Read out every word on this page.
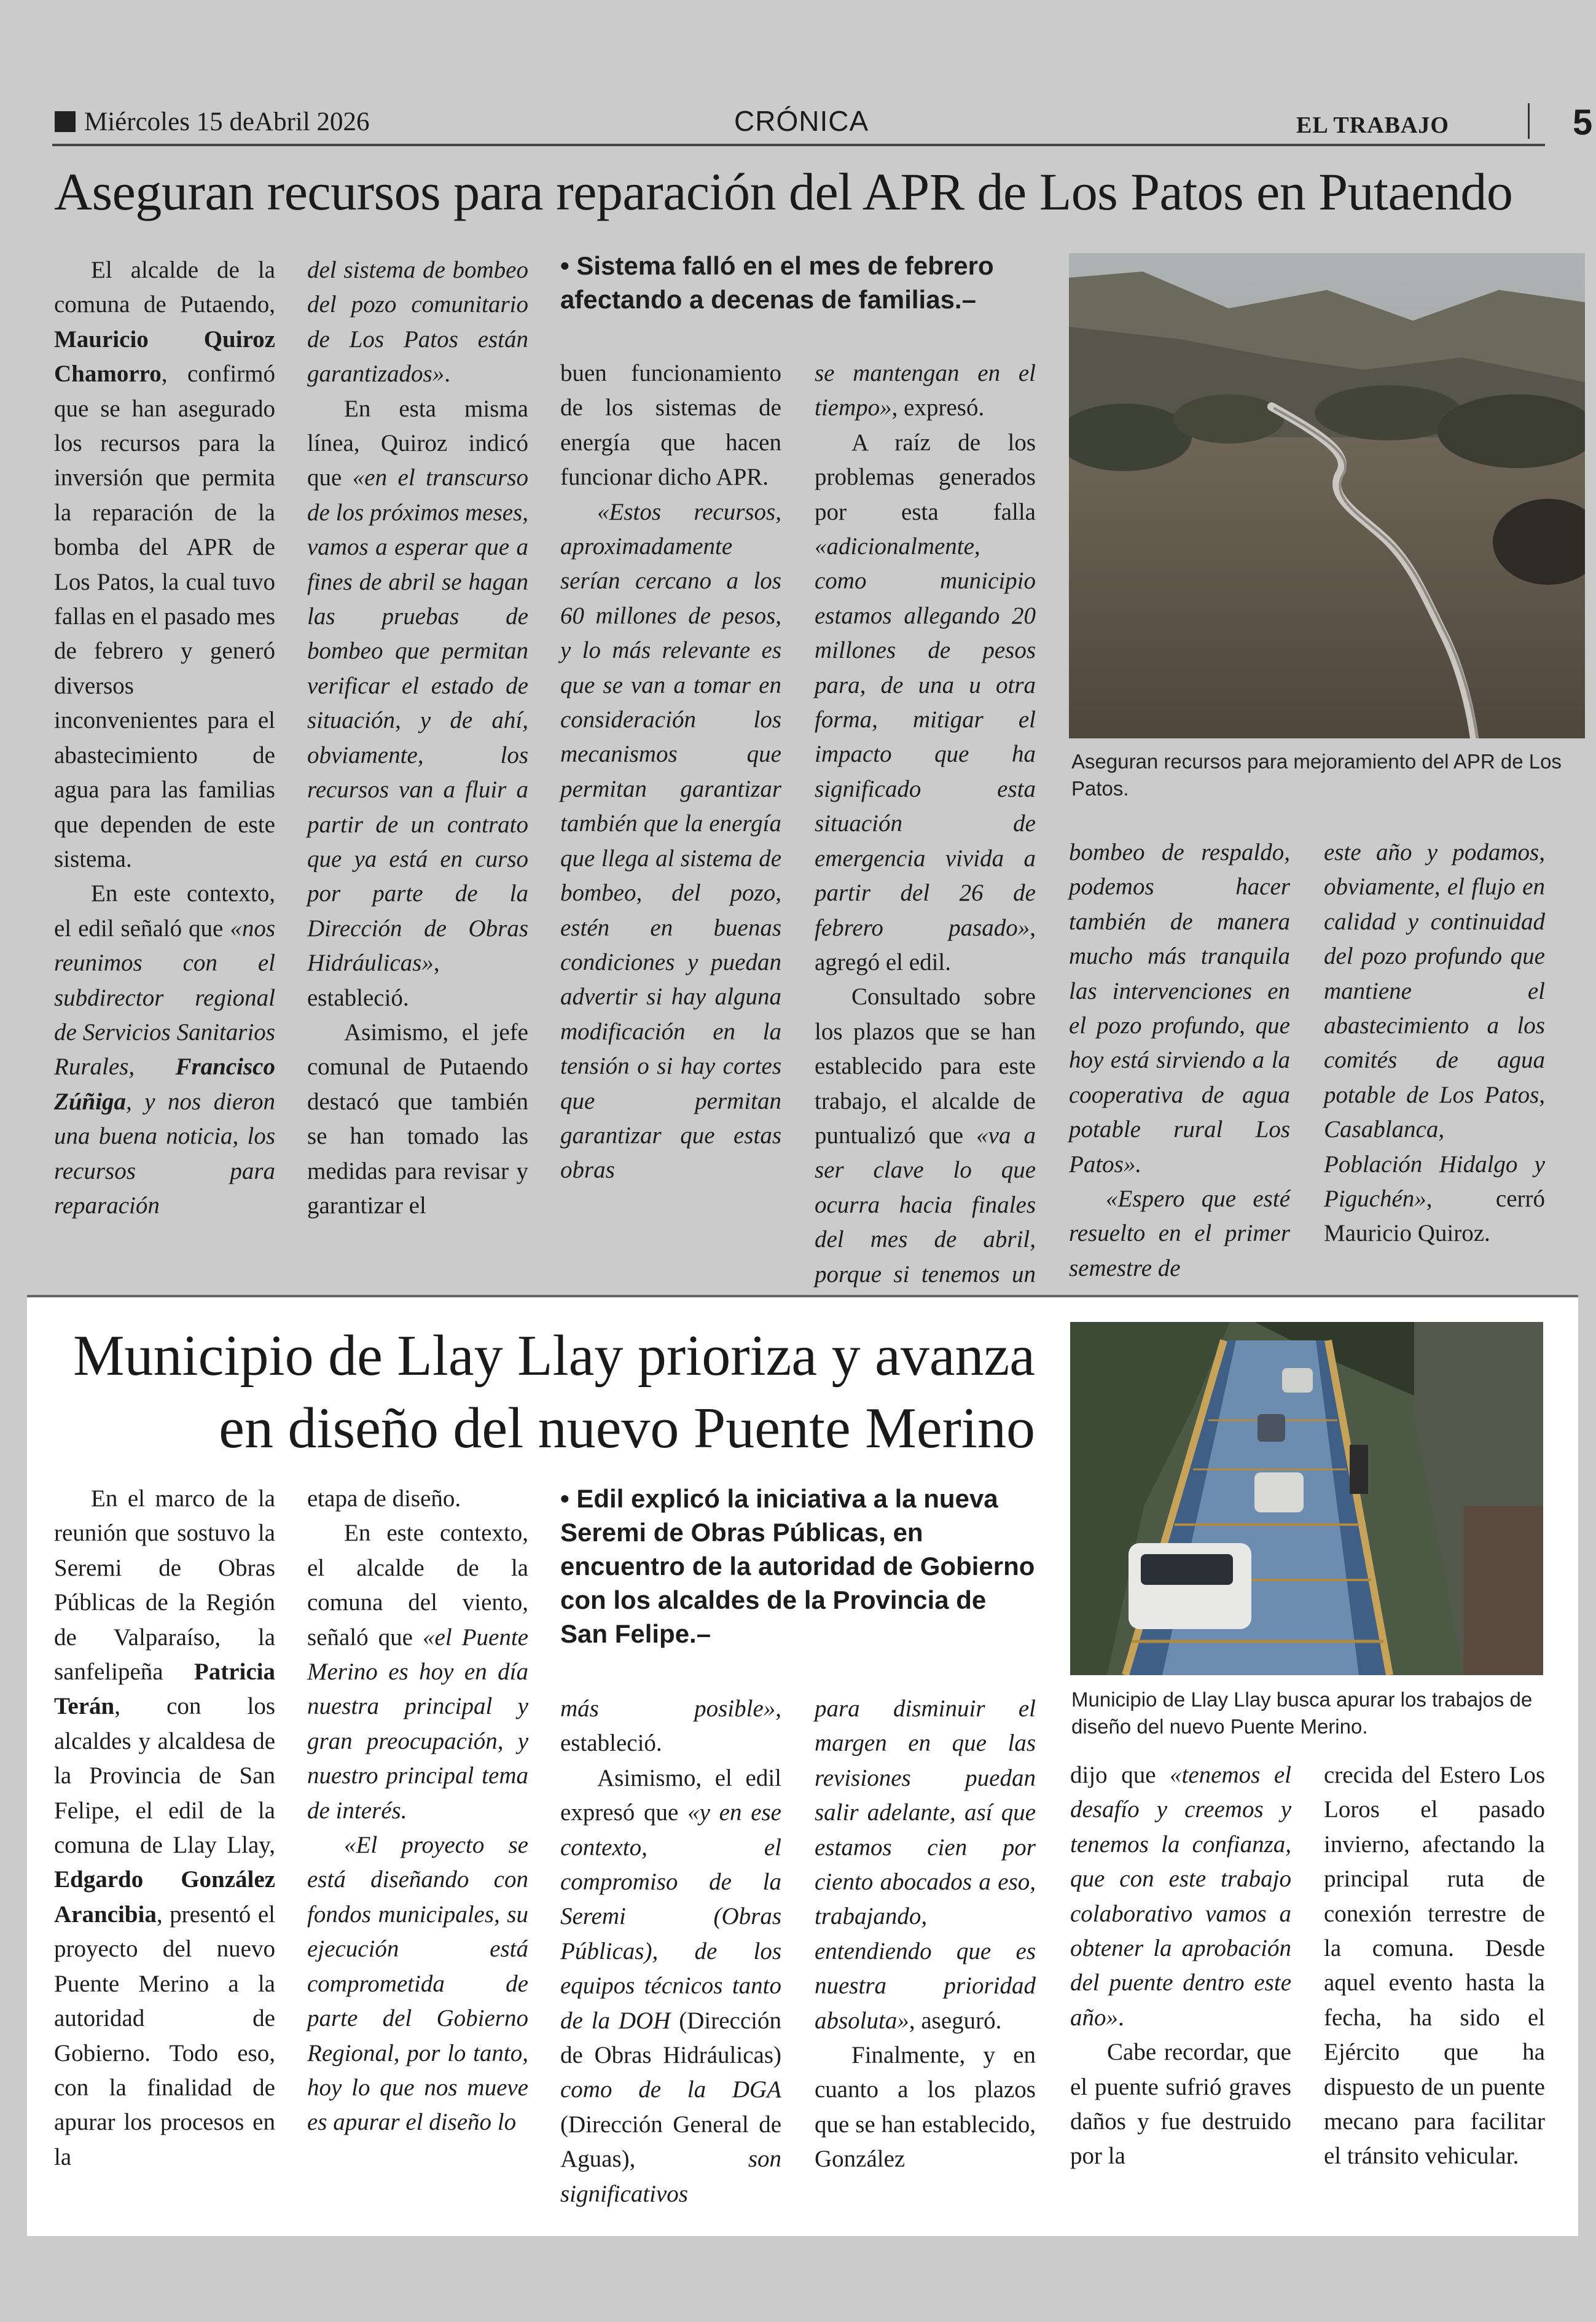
Miércoles 15 deAbril 2026	CRÓNICA	EL TRABAJO	5
Aseguran recursos para reparación del APR de Los Patos en Putaendo

El alcalde de la comuna de Putaendo, Mauricio Quiroz Chamorro, confirmó que se han asegurado los recursos para la inversión que permita la reparación de la bomba del APR de Los Patos, la cual tuvo fallas en el pasado mes de febrero y generó diversos inconvenientes para el abastecimiento de agua para las familias que dependen de este sistema.

En este contexto, el edil señaló que «nos reunimos con el subdirector regional de Servicios Sanitarios Rurales, Francisco Zúñiga, y nos dieron una buena noticia, los recursos para reparación

del sistema de bombeo del pozo comunitario de Los Patos están garantizados».

En esta misma línea, Quiroz indicó que «en el transcurso de los próximos meses, vamos a esperar que a fines de abril se hagan las pruebas de bombeo que permitan verificar el estado de situación, y de ahí, obviamente, los recursos van a fluir a partir de un contrato que ya está en curso por parte de la Dirección de Obras Hidráulicas», estableció.

Asimismo, el jefe comunal de Putaendo destacó que también se han tomado las medidas para revisar y garantizar el

• Sistema falló en el mes de febrero afectando a decenas de familias.–

buen funcionamiento de los sistemas de energía que hacen funcionar dicho APR.

«Estos recursos, aproximadamente serían cercano a los 60 millones de pesos, y lo más relevante es que se van a tomar en consideración los mecanismos que permitan garantizar también que la energía que llega al sistema de bombeo, del pozo, estén en buenas condiciones y puedan advertir si hay alguna modificación en la tensión o si hay cortes que permitan garantizar que estas obras

se mantengan en el tiempo», expresó.

A raíz de los problemas generados por esta falla «adicionalmente, como municipio estamos allegando 20 millones de pesos para, de una u otra forma, mitigar el impacto que ha significado esta situación de emergencia vivida a partir del 26 de febrero pasado», agregó el edil.

Consultado sobre los plazos que se han establecido para este trabajo, el alcalde de puntualizó que «va a ser clave lo que ocurra hacia finales del mes de abril, porque si tenemos un

Aseguran recursos para mejoramiento del APR de Los Patos.

bombeo de respaldo, podemos hacer también de manera mucho más tranquila las intervenciones en el pozo profundo, que hoy está sirviendo a la cooperativa de agua potable rural Los Patos».

«Espero que esté resuelto en el primer semestre de

este año y podamos, obviamente, el flujo en calidad y continuidad del pozo profundo que mantiene el abastecimiento a los comités de agua potable de Los Patos, Casablanca, Población Hidalgo y Piguchén», cerró Mauricio Quiroz.

Municipio de Llay Llay prioriza y avanza en diseño del nuevo Puente Merino

En el marco de la reunión que sostuvo la Seremi de Obras Públicas de la Región de Valparaíso, la sanfelipeña Patricia Terán, con los alcaldes y alcaldesa de la Provincia de San Felipe, el edil de la comuna de Llay Llay, Edgardo González Arancibia, presentó el proyecto del nuevo Puente Merino a la autoridad de Gobierno. Todo eso, con la finalidad de apurar los procesos en la

etapa de diseño.

En este contexto, el alcalde de la comuna del viento, señaló que «el Puente Merino es hoy en día nuestra principal y gran preocupación, y nuestro principal tema de interés.

«El proyecto se está diseñando con fondos municipales, su ejecución está comprometida de parte del Gobierno Regional, por lo tanto, hoy lo que nos mueve es apurar el diseño lo

• Edil explicó la iniciativa a la nueva Seremi de Obras Públicas, en encuentro de la autoridad de Gobierno con los alcaldes de la Provincia de San Felipe.–

más posible», estableció.

Asimismo, el edil expresó que «y en ese contexto, el compromiso de la Seremi (Obras Públicas), de los equipos técnicos tanto de la DOH (Dirección de Obras Hidráulicas) como de la DGA (Dirección General de Aguas), son significativos

para disminuir el margen en que las revisiones puedan salir adelante, así que estamos cien por ciento abocados a eso, trabajando, entendiendo que es nuestra prioridad absoluta», aseguró.

Finalmente, y en cuanto a los plazos que se han establecido, González

Municipio de Llay Llay busca apurar los trabajos de diseño del nuevo Puente Merino.

dijo que «tenemos el desafío y creemos y tenemos la confianza, que con este trabajo colaborativo vamos a obtener la aprobación del puente dentro este año».

Cabe recordar, que el puente sufrió graves daños y fue destruido por la

crecida del Estero Los Loros el pasado invierno, afectando la principal ruta de conexión terrestre de la comuna. Desde aquel evento hasta la fecha, ha sido el Ejército que ha dispuesto de un puente mecano para facilitar el tránsito vehicular.
